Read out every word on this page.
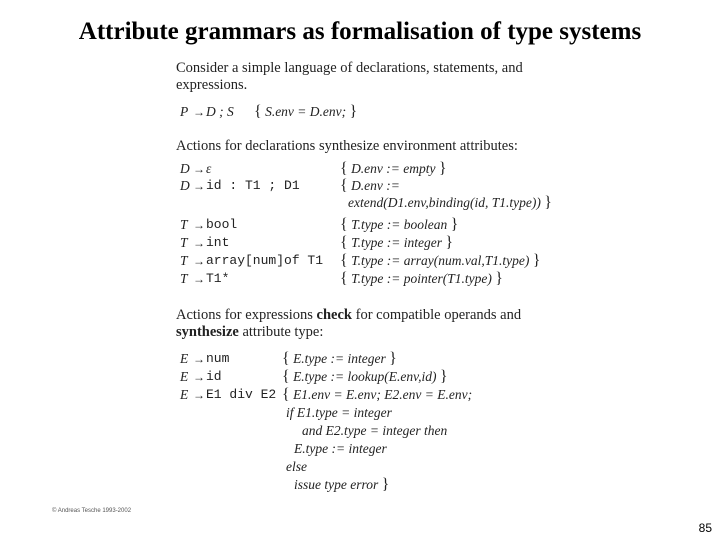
Attribute grammars as formalisation of type systems

Consider a simple language of declarations, statements, and expressions.

P → D ; S { S.env = D.env; }

Actions for declarations synthesize environment attributes:

D → ε	{ D.env := empty }
D → id : T1 ; D1	{ D.env :=
extend(D1.env,binding(id, T1.type)) }
T → bool	{ T.type := boolean }
T → int	{ T.type := integer }
T → array[num]of T1 { T.type := array(num.val,T1.type) }
T → T1*	{ T.type := pointer(T1.type) }

Actions for expressions check for compatible operands and synthesize attribute type:

E → num	{ E.type := integer }
E → id	{ E.type := lookup(E.env,id) }
E → E1 div E2 { E1.env = E.env; E2.env = E.env;
if E1.type = integer
and E2.type = integer then
E.type := integer
else
issue type error }
© Andreas Tesche 1993-2002
85
